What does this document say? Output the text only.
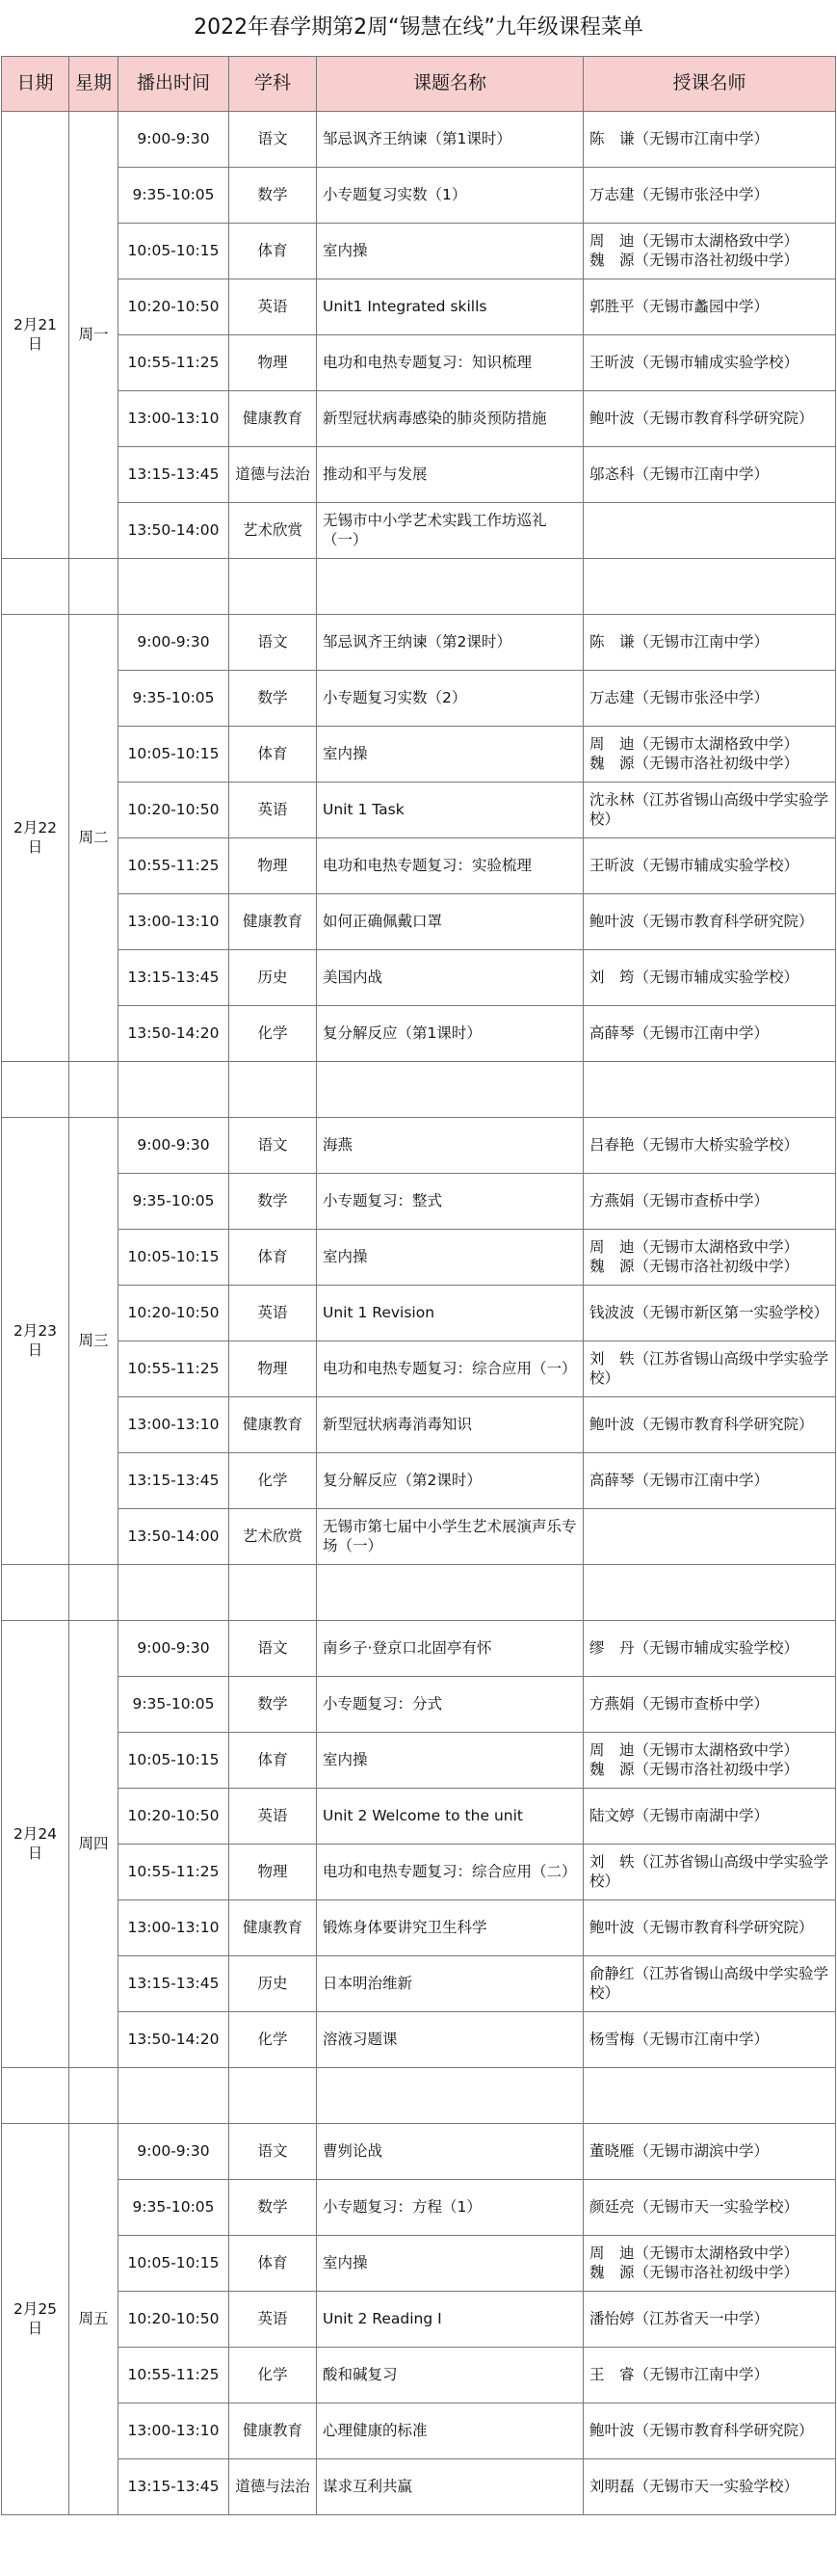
2022年春学期第2周“锡慧在线”九年级课程菜单
日期	星期	播出时间	学科	课题名称	授课名师
2月21日	周一	9:00-9:30	语文	邹忌讽齐王纳谏（第1课时）	陈　谦（无锡市江南中学）

		9:35-10:05	数学	小专题复习实数（1）	万志建（无锡市张泾中学）

		10:05-10:15	体育	室内操	周　迪（无锡市太湖格致中学）
魏　源（无锡市洛社初级中学）

		10:20-10:50	英语	Unit1 Integrated skills	郭胜平（无锡市蠡园中学）

		10:55-11:25	物理	电功和电热专题复习：知识梳理	王昕波（无锡市辅成实验学校）

		13:00-13:10	健康教育	新型冠状病毒感染的肺炎预防措施	鲍叶波（无锡市教育科学研究院）

		13:15-13:45	道德与法治	推动和平与发展	邬忞科（无锡市江南中学）

		13:50-14:00	艺术欣赏	无锡市中小学艺术实践工作坊巡礼（一）	

2月22日	周二	9:00-9:30	语文	邹忌讽齐王纳谏（第2课时）	陈　谦（无锡市江南中学）

		9:35-10:05	数学	小专题复习实数（2）	万志建（无锡市张泾中学）

		10:05-10:15	体育	室内操	周　迪（无锡市太湖格致中学）
魏　源（无锡市洛社初级中学）

		10:20-10:50	英语	Unit 1 Task	沈永林（江苏省锡山高级中学实验学校）

		10:55-11:25	物理	电功和电热专题复习：实验梳理	王昕波（无锡市辅成实验学校）

		13:00-13:10	健康教育	如何正确佩戴口罩	鲍叶波（无锡市教育科学研究院）

		13:15-13:45	历史	美国内战	刘　筠（无锡市辅成实验学校）

		13:50-14:20	化学	复分解反应（第1课时）	高薛琴（无锡市江南中学）

2月23日	周三	9:00-9:30	语文	海燕	吕春艳（无锡市大桥实验学校）

		9:35-10:05	数学	小专题复习：整式	方燕娟（无锡市查桥中学）

		10:05-10:15	体育	室内操	周　迪（无锡市太湖格致中学）
魏　源（无锡市洛社初级中学）

		10:20-10:50	英语	Unit 1 Revision	钱波波（无锡市新区第一实验学校）

		10:55-11:25	物理	电功和电热专题复习：综合应用（一）	刘　轶（江苏省锡山高级中学实验学校）

		13:00-13:10	健康教育	新型冠状病毒消毒知识	鲍叶波（无锡市教育科学研究院）

		13:15-13:45	化学	复分解反应（第2课时）	高薛琴（无锡市江南中学）

		13:50-14:00	艺术欣赏	无锡市第七届中小学生艺术展演声乐专场（一）	

2月24日	周四	9:00-9:30	语文	南乡子·登京口北固亭有怀	缪　丹（无锡市辅成实验学校）

		9:35-10:05	数学	小专题复习：分式	方燕娟（无锡市查桥中学）

		10:05-10:15	体育	室内操	周　迪（无锡市太湖格致中学）
魏　源（无锡市洛社初级中学）

		10:20-10:50	英语	Unit 2 Welcome to the unit	陆文婷（无锡市南湖中学）

		10:55-11:25	物理	电功和电热专题复习：综合应用（二）	刘　轶（江苏省锡山高级中学实验学校）

		13:00-13:10	健康教育	锻炼身体要讲究卫生科学	鲍叶波（无锡市教育科学研究院）

		13:15-13:45	历史	日本明治维新	俞静红（江苏省锡山高级中学实验学校）

		13:50-14:20	化学	溶液习题课	杨雪梅（无锡市江南中学）

2月25日	周五	9:00-9:30	语文	曹刿论战	董晓雁（无锡市湖滨中学）

		9:35-10:05	数学	小专题复习：方程（1）	颜廷亮（无锡市天一实验学校）

		10:05-10:15	体育	室内操	周　迪（无锡市太湖格致中学）
魏　源（无锡市洛社初级中学）

		10:20-10:50	英语	Unit 2 Reading I	潘怡婷（江苏省天一中学）

		10:55-11:25	化学	酸和碱复习	王　睿（无锡市江南中学）

		13:00-13:10	健康教育	心理健康的标准	鲍叶波（无锡市教育科学研究院）

		13:15-13:45	道德与法治	谋求互利共赢	刘明磊（无锡市天一实验学校）
